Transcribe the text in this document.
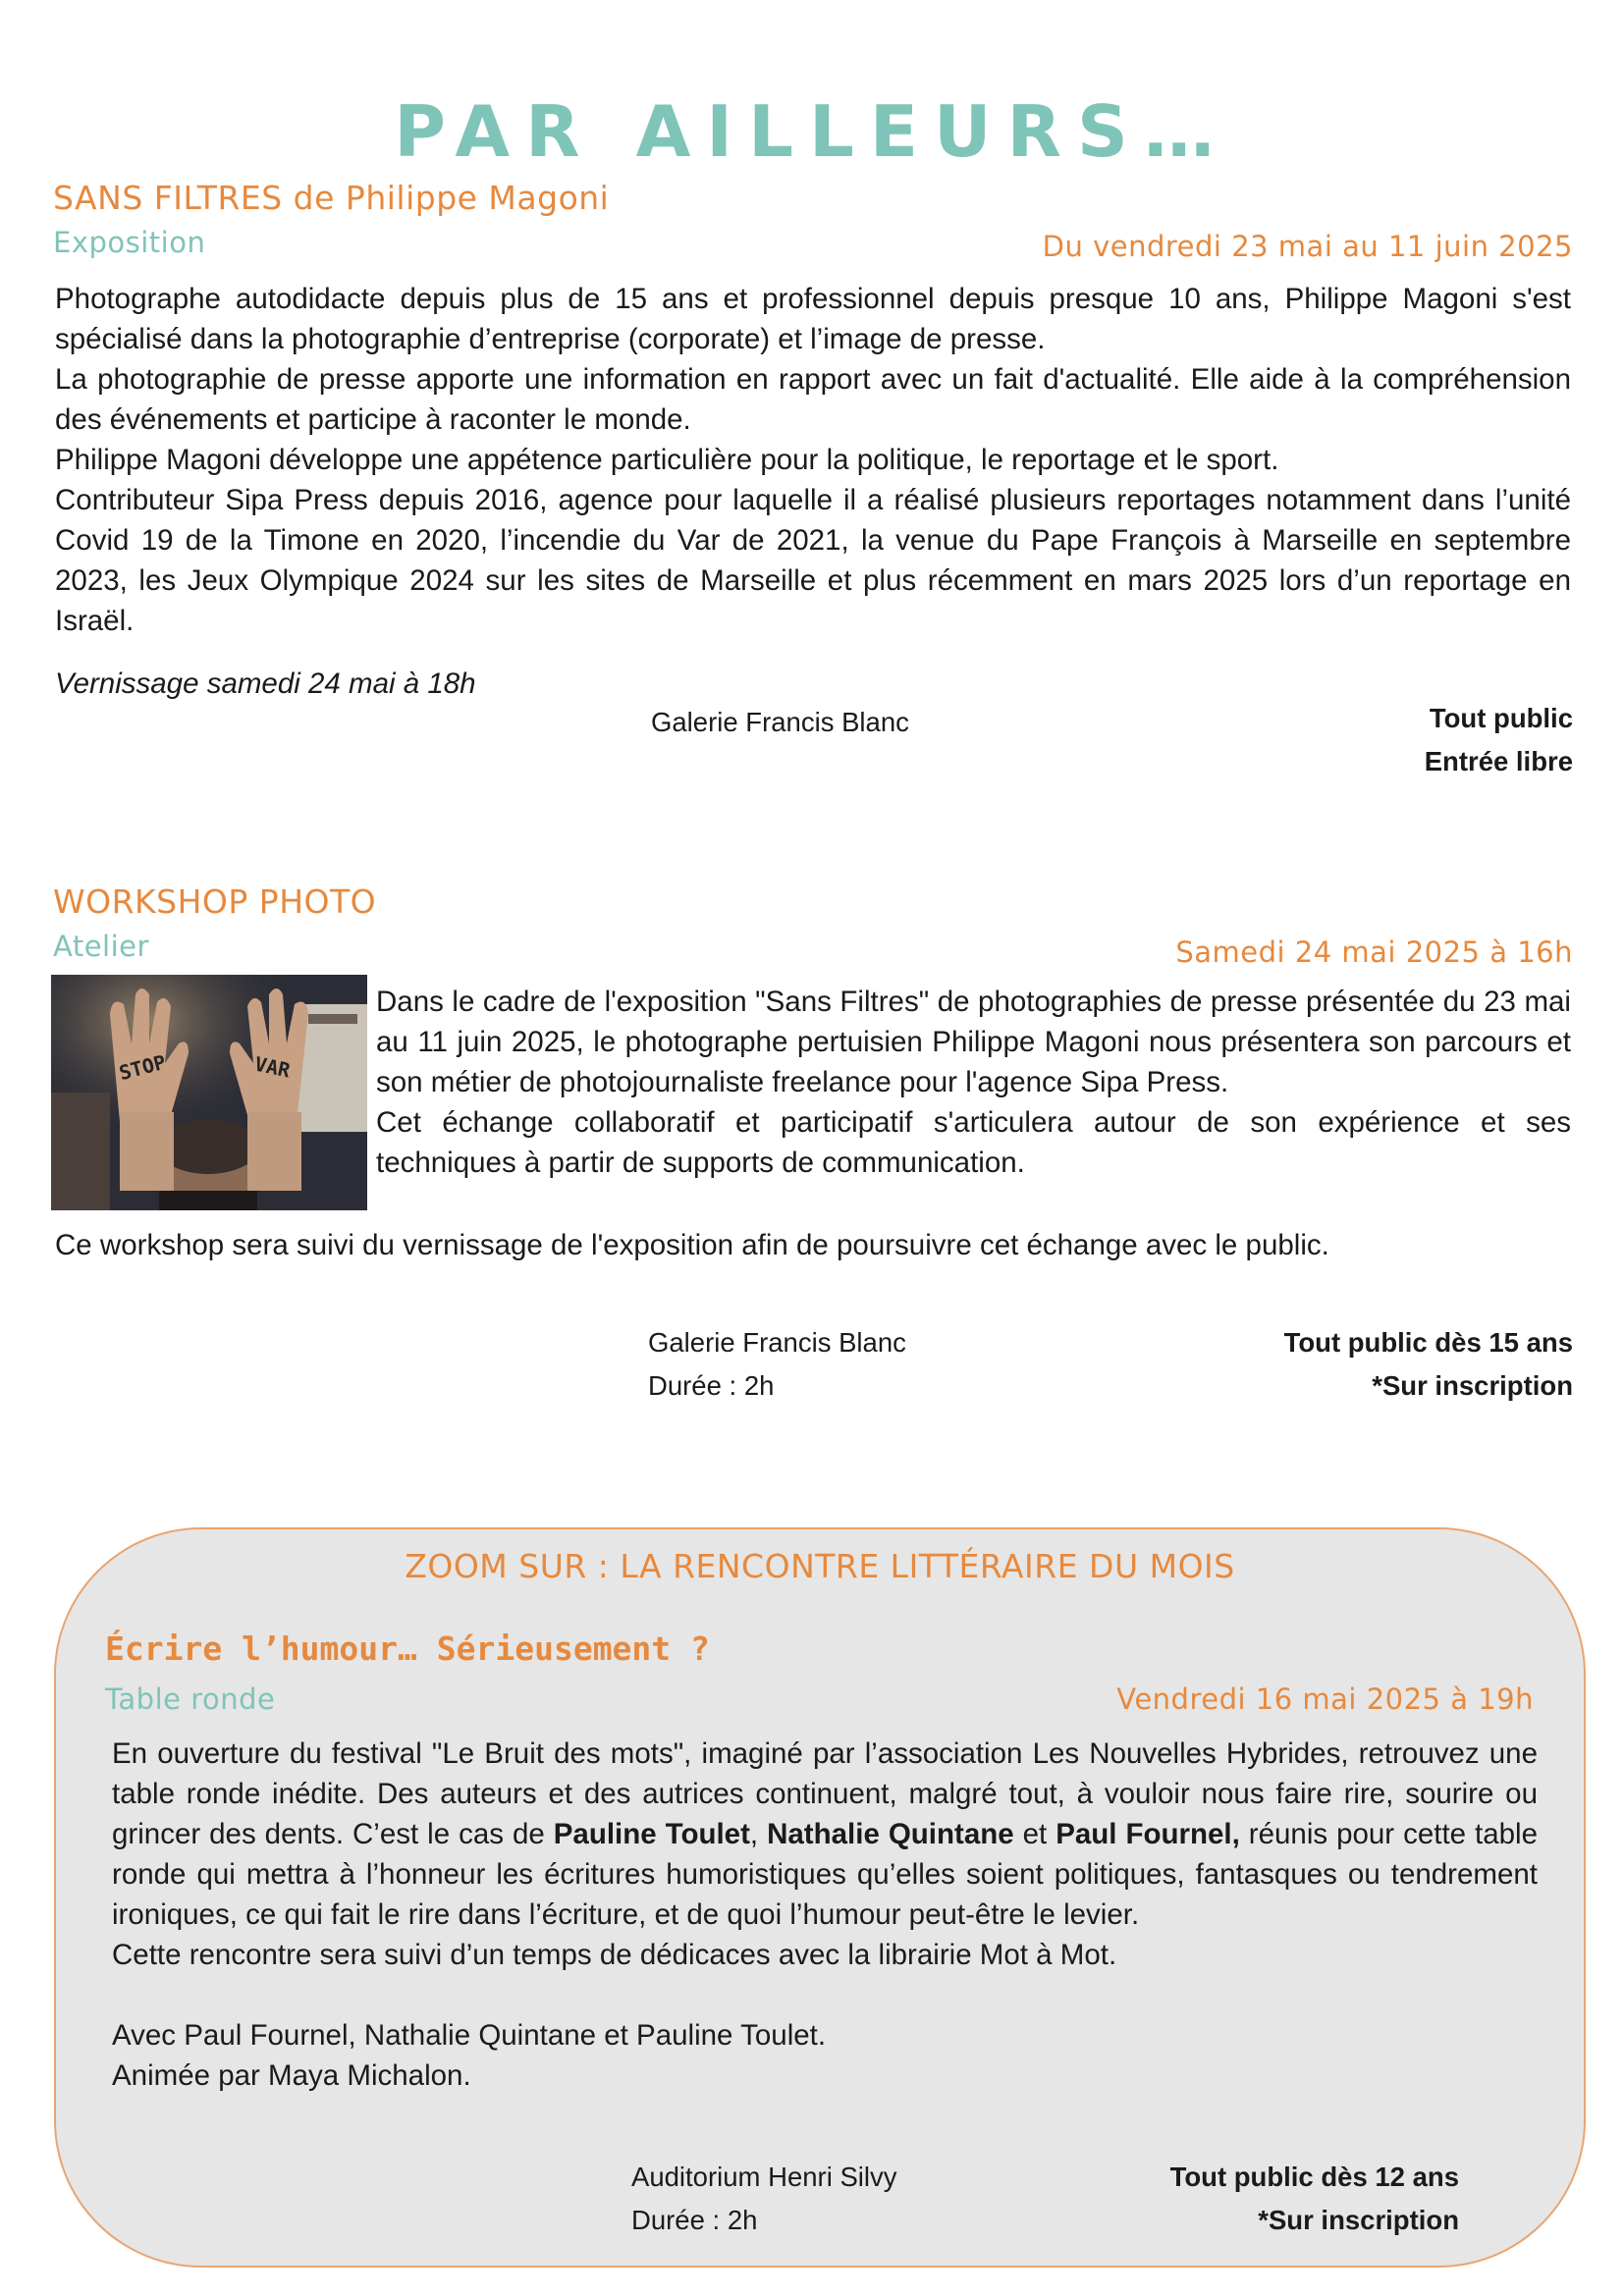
PAR AILLEURS…
SANS FILTRES de Philippe Magoni
Exposition	Du vendredi 23 mai au 11 juin 2025

Photographe autodidacte depuis plus de 15 ans et professionnel depuis presque 10 ans, Philippe Magoni s'est spécialisé dans la photographie d’entreprise (corporate) et l’image de presse.

La photographie de presse apporte une information en rapport avec un fait d'actualité. Elle aide à la compréhension des événements et participe à raconter le monde.

Philippe Magoni développe une appétence particulière pour la politique, le reportage et le sport.

Contributeur Sipa Press depuis 2016, agence pour laquelle il a réalisé plusieurs reportages notamment dans l’unité Covid 19 de la Timone en 2020, l’incendie du Var de 2021, la venue du Pape François à Marseille en septembre 2023, les Jeux Olympique 2024 sur les sites de Marseille et plus récemment en mars 2025 lors d’un reportage en Israël.

Vernissage samedi 24 mai à 18h
Galerie Francis Blanc	Tout public
Entrée libre
WORKSHOP PHOTO
Atelier	Samedi 24 mai 2025 à 16h
STOP	VAR

Dans le cadre de l'exposition "Sans Filtres" de photographies de presse présentée du 23 mai au 11 juin 2025, le photographe pertuisien Philippe Magoni nous présentera son parcours et son métier de photojournaliste freelance pour l'agence Sipa Press.

Cet échange collaboratif et participatif s'articulera autour de son expérience et ses techniques à partir de supports de communication.

Ce workshop sera suivi du vernissage de l'exposition afin de poursuivre cet échange avec le public.
Galerie Francis Blanc
Durée : 2h
Tout public dès 15 ans
*Sur inscription
ZOOM SUR : LA RENCONTRE LITTÉRAIRE DU MOIS
Écrire l’humour… Sérieusement ?
Table ronde	Vendredi 16 mai 2025 à 19h

En ouverture du festival "Le Bruit des mots", imaginé par l’association Les Nouvelles Hybrides, retrouvez une table ronde inédite. Des auteurs et des autrices continuent, malgré tout, à vouloir nous faire rire, sourire ou grincer des dents. C’est le cas de Pauline Toulet, Nathalie Quintane et Paul Fournel, réunis pour cette table ronde qui mettra à l’honneur les écritures humoristiques qu’elles soient politiques, fantasques ou tendrement ironiques, ce qui fait le rire dans l’écriture, et de quoi l’humour peut-être le levier.

Cette rencontre sera suivi d’un temps de dédicaces avec la librairie Mot à Mot.

Avec Paul Fournel, Nathalie Quintane et Pauline Toulet.

Animée par Maya Michalon.

Auditorium Henri Silvy
Durée : 2h
Tout public dès 12 ans
*Sur inscription
